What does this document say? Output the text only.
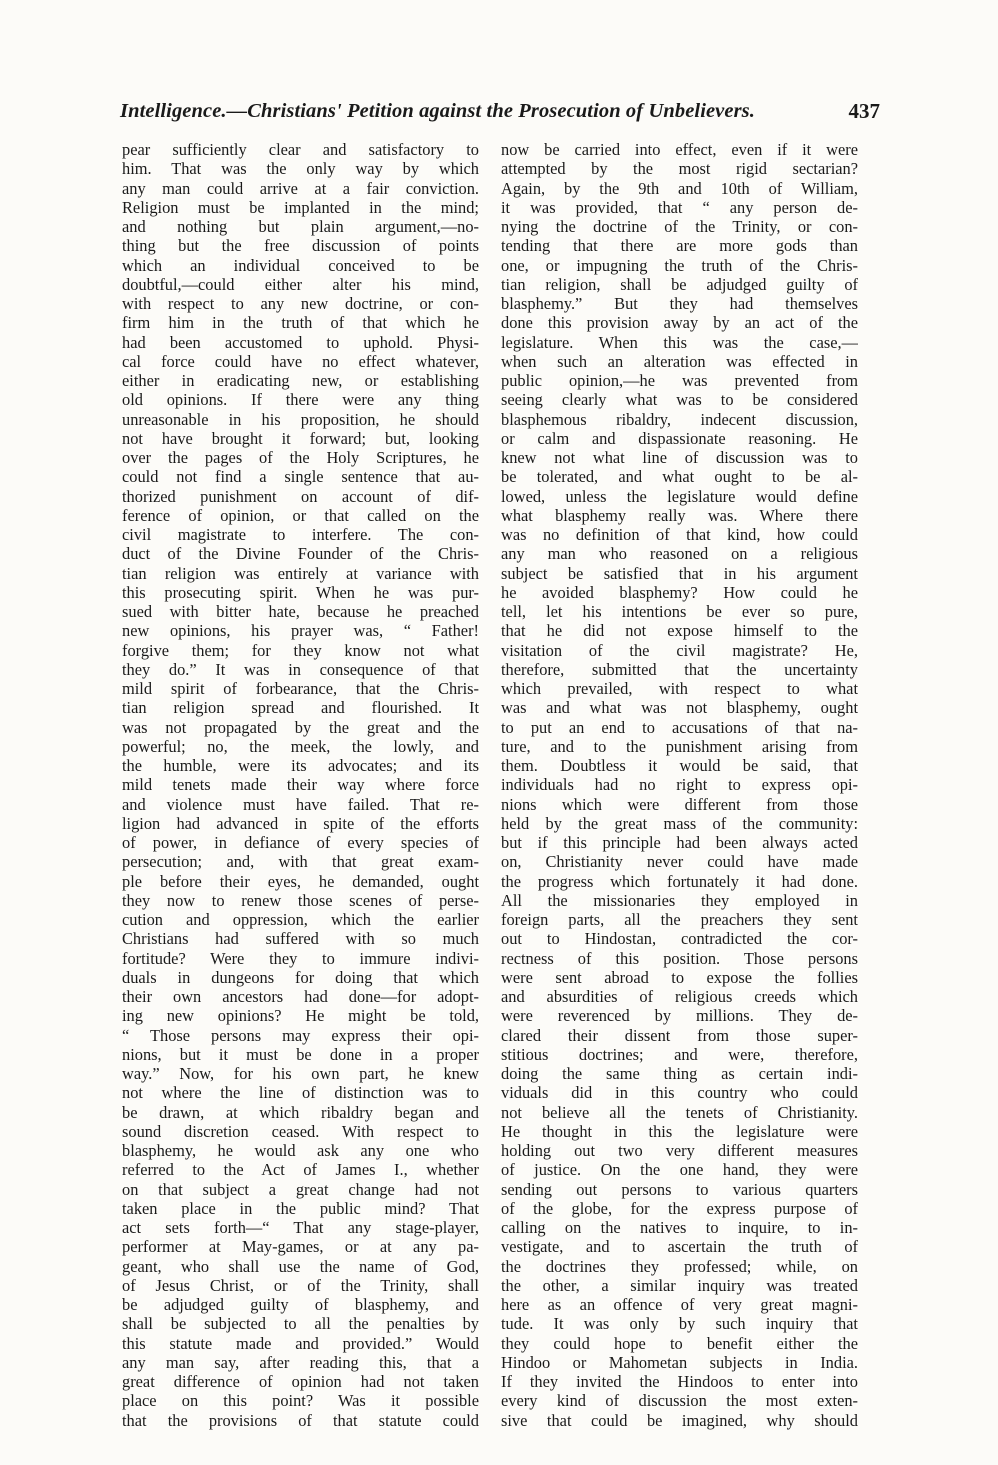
Intelligence.—Christians' Petition against the Prosecution of Unbelievers.	437
pear sufficiently clear and satisfactory to
him. That was the only way by which
any man could arrive at a fair conviction.
Religion must be implanted in the mind;
and nothing but plain argument,—no-
thing but the free discussion of points
which an individual conceived to be
doubtful,—could either alter his mind,
with respect to any new doctrine, or con-
firm him in the truth of that which he
had been accustomed to uphold. Physi-
cal force could have no effect whatever,
either in eradicating new, or establishing
old opinions. If there were any thing
unreasonable in his proposition, he should
not have brought it forward; but, looking
over the pages of the Holy Scriptures, he
could not find a single sentence that au-
thorized punishment on account of dif-
ference of opinion, or that called on the
civil magistrate to interfere. The con-
duct of the Divine Founder of the Chris-
tian religion was entirely at variance with
this prosecuting spirit. When he was pur-
sued with bitter hate, because he preached
new opinions, his prayer was, “ Father!
forgive them; for they know not what
they do.” It was in consequence of that
mild spirit of forbearance, that the Chris-
tian religion spread and flourished. It
was not propagated by the great and the
powerful; no, the meek, the lowly, and
the humble, were its advocates; and its
mild tenets made their way where force
and violence must have failed. That re-
ligion had advanced in spite of the efforts
of power, in defiance of every species of
persecution; and, with that great exam-
ple before their eyes, he demanded, ought
they now to renew those scenes of perse-
cution and oppression, which the earlier
Christians had suffered with so much
fortitude? Were they to immure indivi-
duals in dungeons for doing that which
their own ancestors had done—for adopt-
ing new opinions? He might be told,
“ Those persons may express their opi-
nions, but it must be done in a proper
way.” Now, for his own part, he knew
not where the line of distinction was to
be drawn, at which ribaldry began and
sound discretion ceased. With respect to
blasphemy, he would ask any one who
referred to the Act of James I., whether
on that subject a great change had not
taken place in the public mind? That
act sets forth—“ That any stage-player,
performer at May-games, or at any pa-
geant, who shall use the name of God,
of Jesus Christ, or of the Trinity, shall
be adjudged guilty of blasphemy, and
shall be subjected to all the penalties by
this statute made and provided.” Would
any man say, after reading this, that a
great difference of opinion had not taken
place on this point? Was it possible
that the provisions of that statute could
now be carried into effect, even if it were
attempted by the most rigid sectarian?
Again, by the 9th and 10th of William,
it was provided, that “ any person de-
nying the doctrine of the Trinity, or con-
tending that there are more gods than
one, or impugning the truth of the Chris-
tian religion, shall be adjudged guilty of
blasphemy.” But they had themselves
done this provision away by an act of the
legislature. When this was the case,—
when such an alteration was effected in
public opinion,—he was prevented from
seeing clearly what was to be considered
blasphemous ribaldry, indecent discussion,
or calm and dispassionate reasoning. He
knew not what line of discussion was to
be tolerated, and what ought to be al-
lowed, unless the legislature would define
what blasphemy really was. Where there
was no definition of that kind, how could
any man who reasoned on a religious
subject be satisfied that in his argument
he avoided blasphemy? How could he
tell, let his intentions be ever so pure,
that he did not expose himself to the
visitation of the civil magistrate? He,
therefore, submitted that the uncertainty
which prevailed, with respect to what
was and what was not blasphemy, ought
to put an end to accusations of that na-
ture, and to the punishment arising from
them. Doubtless it would be said, that
individuals had no right to express opi-
nions which were different from those
held by the great mass of the community:
but if this principle had been always acted
on, Christianity never could have made
the progress which fortunately it had done.
All the missionaries they employed in
foreign parts, all the preachers they sent
out to Hindostan, contradicted the cor-
rectness of this position. Those persons
were sent abroad to expose the follies
and absurdities of religious creeds which
were reverenced by millions. They de-
clared their dissent from those super-
stitious doctrines; and were, therefore,
doing the same thing as certain indi-
viduals did in this country who could
not believe all the tenets of Christianity.
He thought in this the legislature were
holding out two very different measures
of justice. On the one hand, they were
sending out persons to various quarters
of the globe, for the express purpose of
calling on the natives to inquire, to in-
vestigate, and to ascertain the truth of
the doctrines they professed; while, on
the other, a similar inquiry was treated
here as an offence of very great magni-
tude. It was only by such inquiry that
they could hope to benefit either the
Hindoo or Mahometan subjects in India.
If they invited the Hindoos to enter into
every kind of discussion the most exten-
sive that could be imagined, why should
